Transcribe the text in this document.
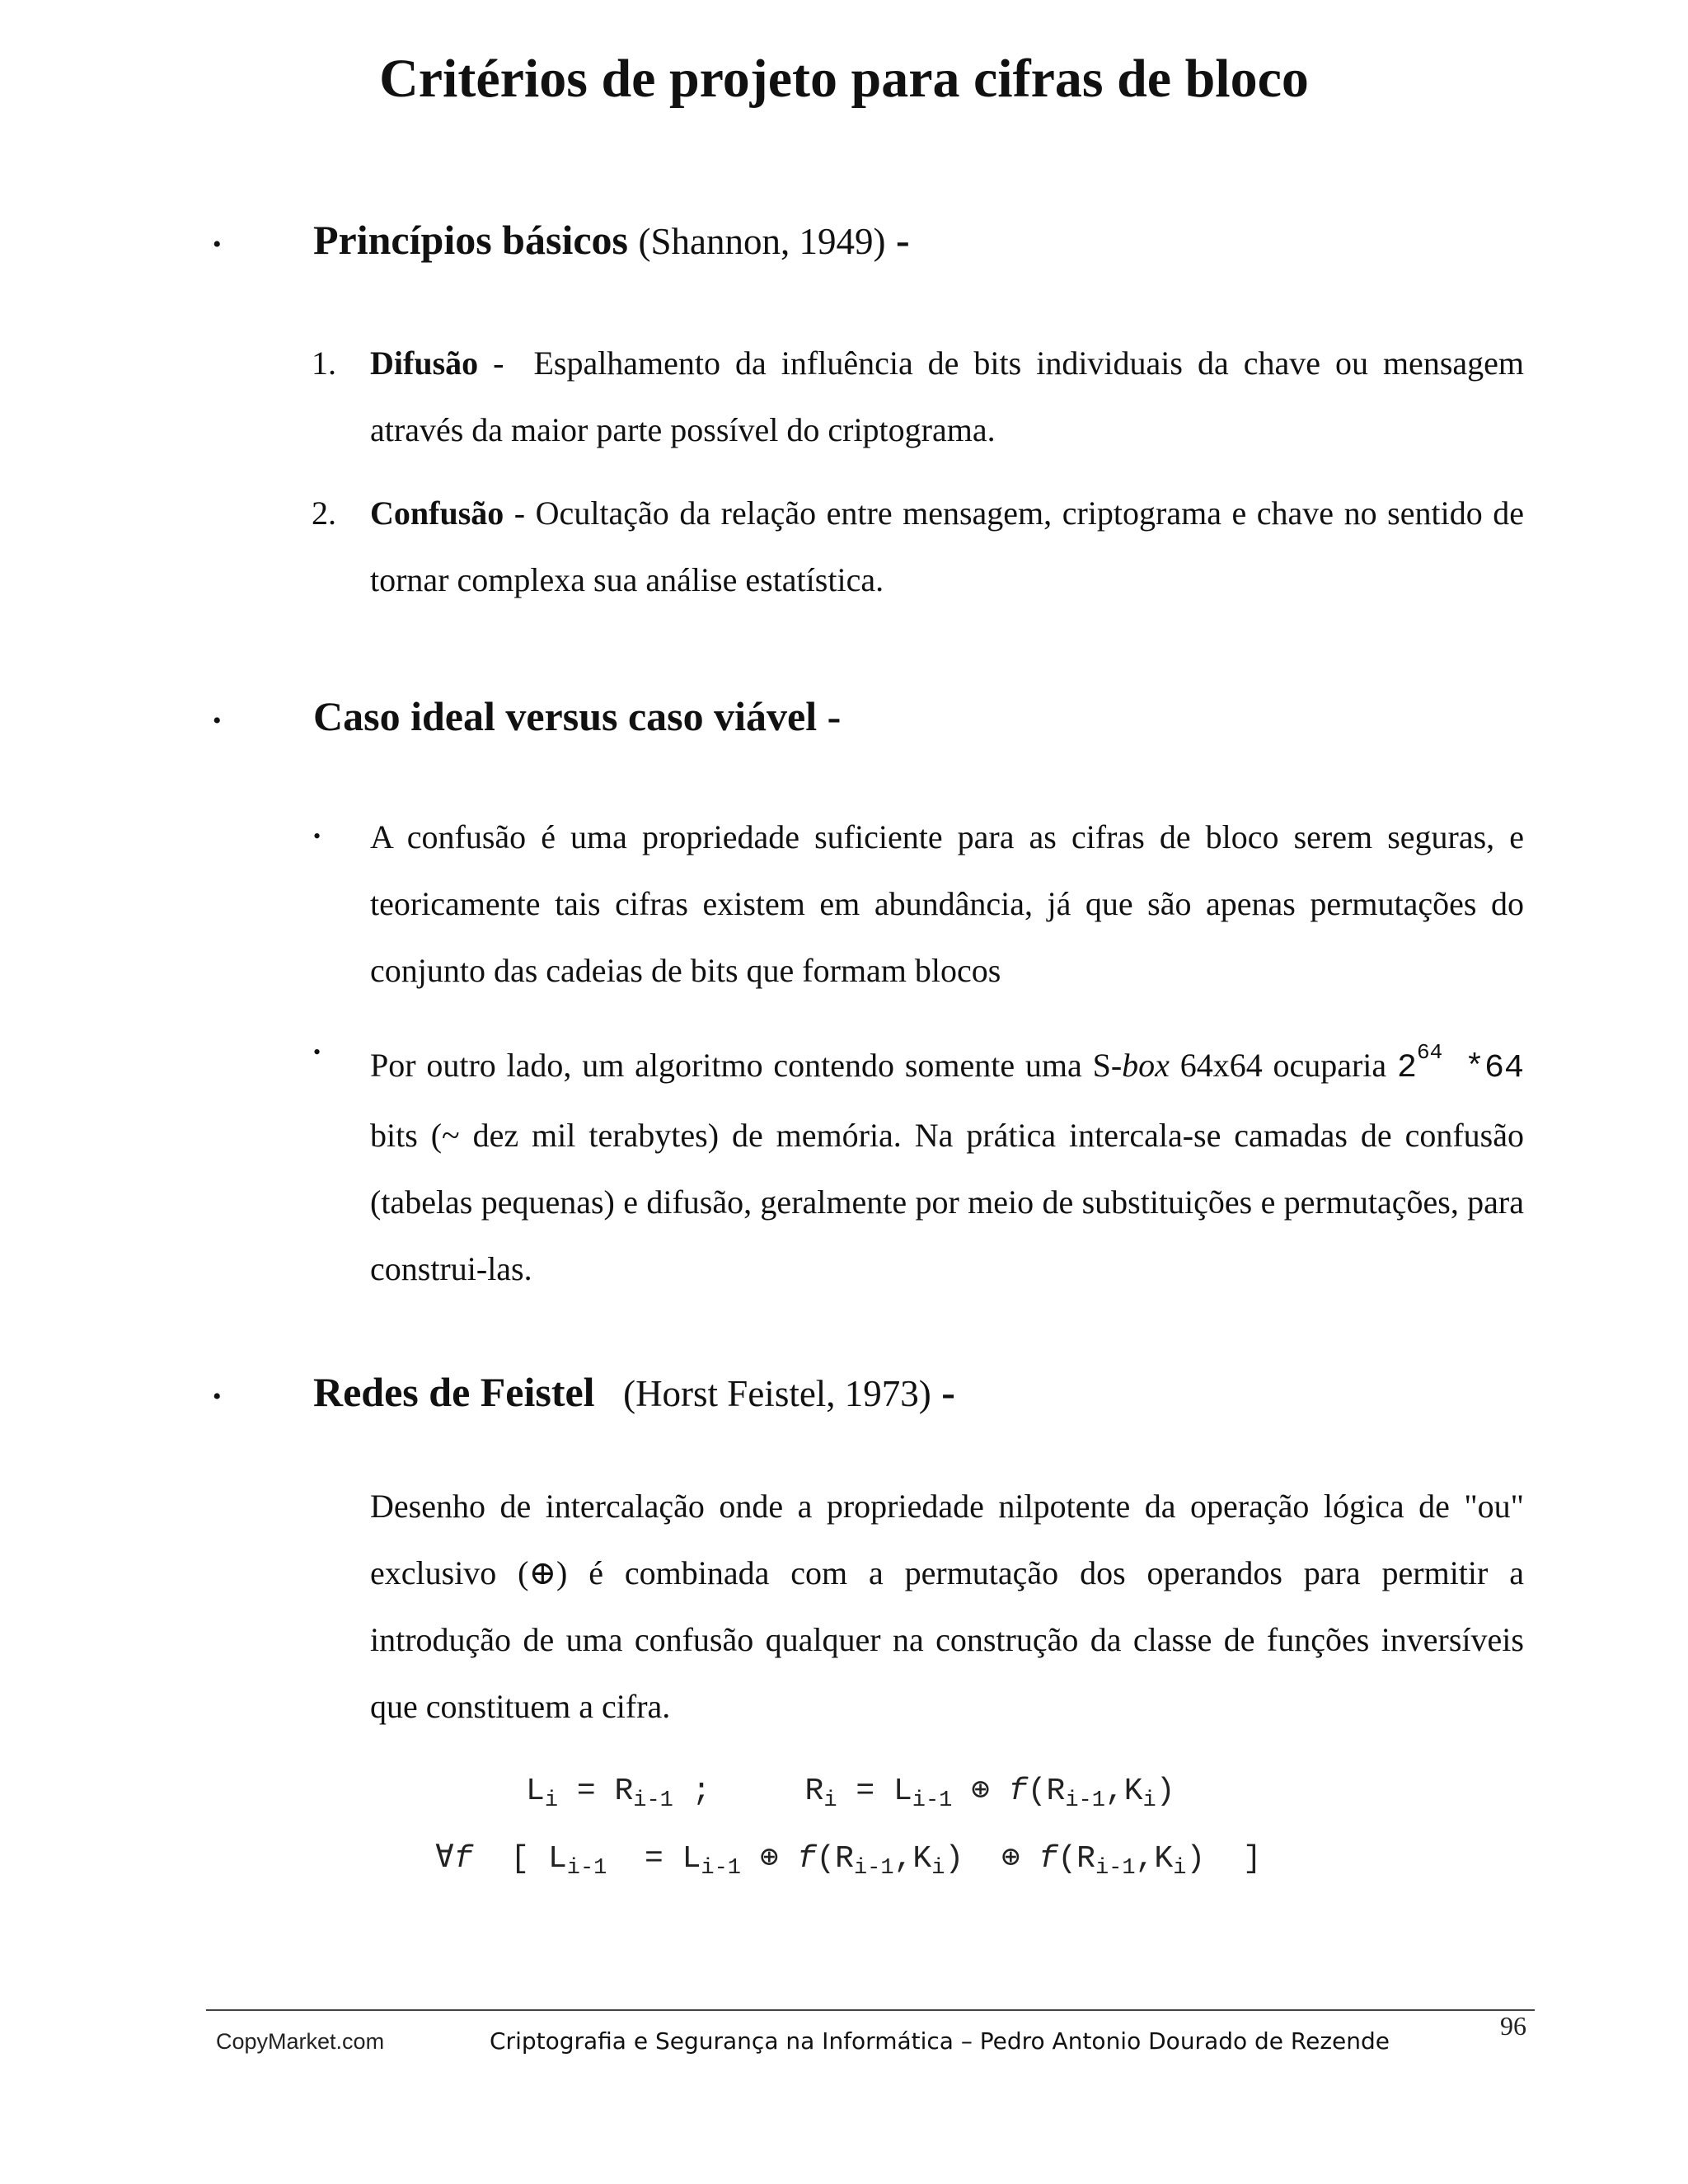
Critérios de projeto para cifras de bloco
• Princípios básicos (Shannon, 1949) -
1. Difusão -  Espalhamento da influência de bits individuais da chave ou mensagem através da maior parte possível do criptograma.

2. Confusão - Ocultação da relação entre mensagem, criptograma e chave no sentido de tornar complexa sua análise estatística.

• Caso ideal versus caso viável -
• A confusão é uma propriedade suficiente para as cifras de bloco serem seguras, e teoricamente tais cifras existem em abundância, já que são apenas permutações do conjunto das cadeias de bits que formam blocos

• Por outro lado, um algoritmo contendo somente uma S-box 64x64 ocuparia $2^{64}$ *64 bits (~ dez mil terabytes) de memória. Na prática intercala-se camadas de confusão (tabelas pequenas) e difusão, geralmente por meio de substituições e permutações, para construi-las.

• Redes de Feistel (Horst Feistel, 1973) -

Desenho de intercalação onde a propriedade nilpotente da operação lógica de "ou" exclusivo (⊕) é combinada com a permutação dos operandos para permitir a introdução de uma confusão qualquer na construção da classe de funções inversíveis que constituem a cifra.

$L_i = R_{i-1}$ ;	$R_i = L_{i-1}$ ⊕ $f(R_{i-1},K_i)$
∀f [ $L_{i-1} = L_{i-1}$ ⊕ $f(R_{i-1},K_i)$ ⊕ $f(R_{i-1},K_i)$ ]
96
CopyMarket.com	Criptografia e Segurança na Informática – Pedro Antonio Dourado de Rezende
